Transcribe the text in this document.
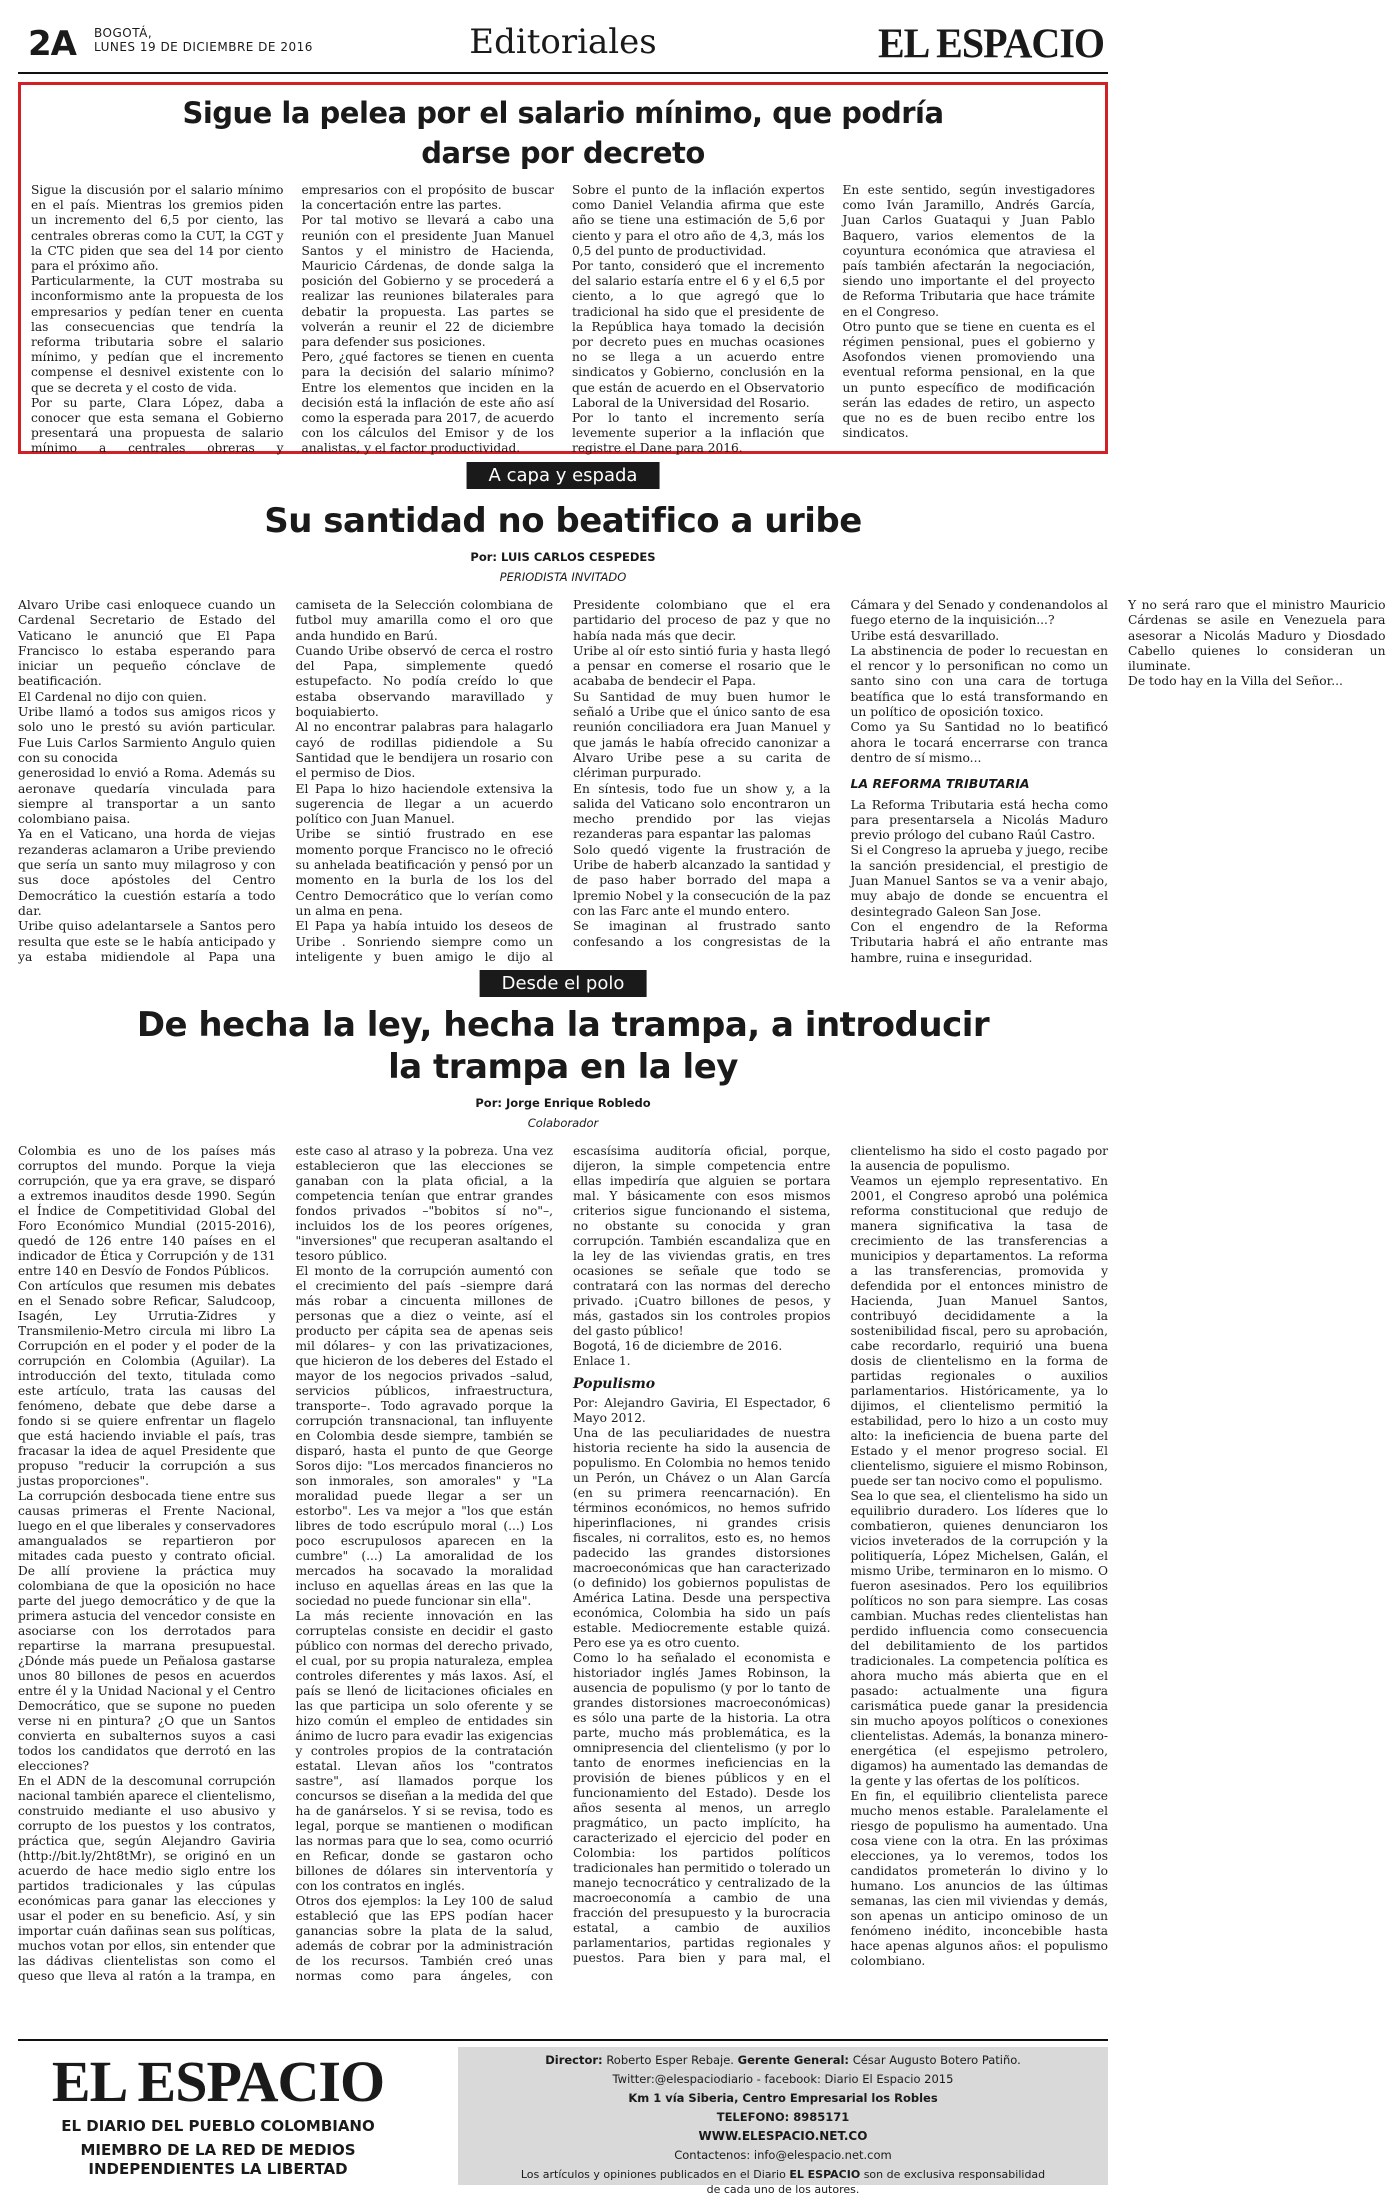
2A BOGOTÁ,
LUNES 19 DE DICIEMBRE DE 2016	Editoriales	EL ESPACIO
Sigue la pelea por el salario mínimo, que podría
darse por decreto

Sigue la discusión por el salario mínimo en el país. Mientras los gremios piden un incremento del 6,5 por ciento, las centrales obreras como la CUT, la CGT y la CTC piden que sea del 14 por ciento para el próximo año.

Particularmente, la CUT mostraba su inconformismo ante la propuesta de los empresarios y pedían tener en cuenta las consecuencias que tendría la reforma tributaria sobre el salario mínimo, y pedían que el incremento compense el desnivel existente con lo que se decreta y el costo de vida.

Por su parte, Clara López, daba a conocer que esta semana el Gobierno presentará una propuesta de salario mínimo a centrales obreras y empresarios con el propósito de buscar la concertación entre las partes.

Por tal motivo se llevará a cabo una reunión con el presidente Juan Manuel Santos y el ministro de Hacienda, Mauricio Cárdenas, de donde salga la posición del Gobierno y se procederá a realizar las reuniones bilaterales para debatir la propuesta. Las partes se volverán a reunir el 22 de diciembre para defender sus posiciones.

Pero, ¿qué factores se tienen en cuenta para la decisión del salario mínimo? Entre los elementos que inciden en la decisión está la inflación de este año así como la esperada para 2017, de acuerdo con los cálculos del Emisor y de los analistas, y el factor productividad.

Sobre el punto de la inflación expertos como Daniel Velandia afirma que este año se tiene una estimación de 5,6 por ciento y para el otro año de 4,3, más los 0,5 del punto de productividad.

Por tanto, consideró que el incremento del salario estaría entre el 6 y el 6,5 por ciento, a lo que agregó que lo tradicional ha sido que el presidente de la República haya tomado la decisión por decreto pues en muchas ocasiones no se llega a un acuerdo entre sindicatos y Gobierno, conclusión en la que están de acuerdo en el Observatorio Laboral de la Universidad del Rosario.

Por lo tanto el incremento sería levemente superior a la inflación que registre el Dane para 2016.

En este sentido, según investigadores como Iván Jaramillo, Andrés García, Juan Carlos Guataqui y Juan Pablo Baquero, varios elementos de la coyuntura económica que atraviesa el país también afectarán la negociación, siendo uno importante el del proyecto de Reforma Tributaria que hace trámite en el Congreso.

Otro punto que se tiene en cuenta es el régimen pensional, pues el gobierno y Asofondos vienen promoviendo una eventual reforma pensional, en la que un punto específico de modificación serán las edades de retiro, un aspecto que no es de buen recibo entre los sindicatos.

A capa y espada
Su santidad no beatifico a uribe
Por: LUIS CARLOS CESPEDES
PERIODISTA INVITADO

Alvaro Uribe casi enloquece cuando un Cardenal Secretario de Estado del Vaticano le anunció que El Papa Francisco lo estaba esperando para iniciar un pequeño cónclave de beatificación.

El Cardenal no dijo con quien.

Uribe llamó a todos sus amigos ricos y solo uno le prestó su avión particular. Fue Luis Carlos Sarmiento Angulo quien con su conocida

generosidad lo envió a Roma. Además su aeronave quedaría vinculada para siempre al transportar a un santo colombiano paisa.

Ya en el Vaticano, una horda de viejas rezanderas aclamaron a Uribe previendo que sería un santo muy milagroso y con sus doce apóstoles del Centro Democrático la cuestión estaría a todo dar.

Uribe quiso adelantarsele a Santos pero resulta que este se le había anticipado y ya estaba midiendole al Papa una camiseta de la Selección colombiana de futbol muy amarilla como el oro que anda hundido en Barú.

Cuando Uribe observó de cerca el rostro del Papa, simplemente quedó estupefacto. No podía creído lo que estaba observando maravillado y boquiabierto.

Al no encontrar palabras para halagarlo cayó de rodillas pidiendole a Su Santidad que le bendijera un rosario con el permiso de Dios.

El Papa lo hizo haciendole extensiva la sugerencia de llegar a un acuerdo político con Juan Manuel.

Uribe se sintió frustrado en ese momento porque Francisco no le ofreció su anhelada beatificación y pensó por un momento en la burla de los los del Centro Democrático que lo verían como un alma en pena.

El Papa ya había intuido los deseos de Uribe . Sonriendo siempre como un inteligente y buen amigo le dijo al Presidente colombiano que el era partidario del proceso de paz y que no había nada más que decir.

Uribe al oír esto sintió furia y hasta llegó a pensar en comerse el rosario que le acababa de bendecir el Papa.

Su Santidad de muy buen humor le señaló a Uribe que el único santo de esa reunión conciliadora era Juan Manuel y que jamás le había ofrecido canonizar a Alvaro Uribe pese a su carita de clériman purpurado.

En síntesis, todo fue un show y, a la salida del Vaticano solo encontraron un mecho prendido por las viejas rezanderas para espantar las palomas

Solo quedó vigente la frustración de Uribe de haberb alcanzado la santidad y de paso haber borrado del mapa a lpremio Nobel y la consecución de la paz con las Farc ante el mundo entero.

Se imaginan al frustrado santo confesando a los congresistas de la Cámara y del Senado y condenandolos al fuego eterno de la inquisición...?

Uribe está desvarillado.

La abstinencia de poder lo recuestan en el rencor y lo personifican no como un santo sino con una cara de tortuga beatífica que lo está transformando en un político de oposición toxico.

Como ya Su Santidad no lo beatificó ahora le tocará encerrarse con tranca dentro de sí mismo...

LA REFORMA TRIBUTARIA

La Reforma Tributaria está hecha como para presentarsela a Nicolás Maduro previo prólogo del cubano Raúl Castro.

Si el Congreso la aprueba y juego, recibe la sanción presidencial, el prestigio de Juan Manuel Santos se va a venir abajo, muy abajo de donde se encuentra el desintegrado Galeon San Jose.

Con el engendro de la Reforma Tributaria habrá el año entrante mas hambre, ruina e inseguridad.

Y no será raro que el ministro Mauricio Cárdenas se asile en Venezuela para asesorar a Nicolás Maduro y Diosdado Cabello quienes lo consideran un iluminate.

De todo hay en la Villa del Señor...

Desde el polo
De hecha la ley, hecha la trampa, a introducir
la trampa en la ley
Por: Jorge Enrique Robledo
Colaborador

Colombia es uno de los países más corruptos del mundo. Porque la vieja corrupción, que ya era grave, se disparó a extremos inauditos desde 1990. Según el Índice de Competitividad Global del Foro Económico Mundial (2015-2016), quedó de 126 entre 140 países en el indicador de Ética y Corrupción y de 131 entre 140 en Desvío de Fondos Públicos.

Con artículos que resumen mis debates en el Senado sobre Reficar, Saludcoop, Isagén, Ley Urrutia-Zidres y Transmilenio-Metro circula mi libro La Corrupción en el poder y el poder de la corrupción en Colombia (Aguilar). La introducción del texto, titulada como este artículo, trata las causas del fenómeno, debate que debe darse a fondo si se quiere enfrentar un flagelo que está haciendo inviable el país, tras fracasar la idea de aquel Presidente que propuso "reducir la corrupción a sus justas proporciones".

La corrupción desbocada tiene entre sus causas primeras el Frente Nacional, luego en el que liberales y conservadores amangualados se repartieron por mitades cada puesto y contrato oficial. De allí proviene la práctica muy colombiana de que la oposición no hace parte del juego democrático y de que la primera astucia del vencedor consiste en asociarse con los derrotados para repartirse la marrana presupuestal. ¿Dónde más puede un Peñalosa gastarse unos 80 billones de pesos en acuerdos entre él y la Unidad Nacional y el Centro Democrático, que se supone no pueden verse ni en pintura? ¿O que un Santos convierta en subalternos suyos a casi todos los candidatos que derrotó en las elecciones?

En el ADN de la descomunal corrupción nacional también aparece el clientelismo, construido mediante el uso abusivo y corrupto de los puestos y los contratos, práctica que, según Alejandro Gaviria (http://bit.ly/2ht8tMr), se originó en un acuerdo de hace medio siglo entre los partidos tradicionales y las cúpulas económicas para ganar las elecciones y usar el poder en su beneficio. Así, y sin importar cuán dañinas sean sus políticas, muchos votan por ellos, sin entender que las dádivas clientelistas son como el queso que lleva al ratón a la trampa, en este caso al atraso y la pobreza. Una vez establecieron que las elecciones se ganaban con la plata oficial, a la competencia tenían que entrar grandes fondos privados –"bobitos sí no"–, incluidos los de los peores orígenes, "inversiones" que recuperan asaltando el tesoro público.

El monto de la corrupción aumentó con el crecimiento del país –siempre dará más robar a cincuenta millones de personas que a diez o veinte, así el producto per cápita sea de apenas seis mil dólares– y con las privatizaciones, que hicieron de los deberes del Estado el mayor de los negocios privados –salud, servicios públicos, infraestructura, transporte–. Todo agravado porque la corrupción transnacional, tan influyente en Colombia desde siempre, también se disparó, hasta el punto de que George Soros dijo: "Los mercados financieros no son inmorales, son amorales" y "La moralidad puede llegar a ser un estorbo". Les va mejor a "los que están libres de todo escrúpulo moral (...) Los poco escrupulosos aparecen en la cumbre" (...) La amoralidad de los mercados ha socavado la moralidad incluso en aquellas áreas en las que la sociedad no puede funcionar sin ella".

La más reciente innovación en las corruptelas consiste en decidir el gasto público con normas del derecho privado, el cual, por su propia naturaleza, emplea controles diferentes y más laxos. Así, el país se llenó de licitaciones oficiales en las que participa un solo oferente y se hizo común el empleo de entidades sin ánimo de lucro para evadir las exigencias y controles propios de la contratación estatal. Llevan años los "contratos sastre", así llamados porque los concursos se diseñan a la medida del que ha de ganárselos. Y si se revisa, todo es legal, porque se mantienen o modifican las normas para que lo sea, como ocurrió en Reficar, donde se gastaron ocho billones de dólares sin interventoría y con los contratos en inglés.

Otros dos ejemplos: la Ley 100 de salud estableció que las EPS podían hacer ganancias sobre la plata de la salud, además de cobrar por la administración de los recursos. También creó unas normas como para ángeles, con escasísima auditoría oficial, porque, dijeron, la simple competencia entre ellas impediría que alguien se portara mal. Y básicamente con esos mismos criterios sigue funcionando el sistema, no obstante su conocida y gran corrupción. También escandaliza que en la ley de las viviendas gratis, en tres ocasiones se señale que todo se contratará con las normas del derecho privado. ¡Cuatro billones de pesos, y más, gastados sin los controles propios del gasto público!

Bogotá, 16 de diciembre de 2016.

Enlace 1.

Populismo

Por: Alejandro Gaviria, El Espectador, 6 Mayo 2012.

Una de las peculiaridades de nuestra historia reciente ha sido la ausencia de populismo. En Colombia no hemos tenido un Perón, un Chávez o un Alan García (en su primera reencarnación). En términos económicos, no hemos sufrido hiperinflaciones, ni grandes crisis fiscales, ni corralitos, esto es, no hemos padecido las grandes distorsiones macroeconómicas que han caracterizado (o definido) los gobiernos populistas de América Latina. Desde una perspectiva económica, Colombia ha sido un país estable. Mediocremente estable quizá. Pero ese ya es otro cuento.

Como lo ha señalado el economista e historiador inglés James Robinson, la ausencia de populismo (y por lo tanto de grandes distorsiones macroeconómicas) es sólo una parte de la historia. La otra parte, mucho más problemática, es la omnipresencia del clientelismo (y por lo tanto de enormes ineficiencias en la provisión de bienes públicos y en el funcionamiento del Estado). Desde los años sesenta al menos, un arreglo pragmático, un pacto implícito, ha caracterizado el ejercicio del poder en Colombia: los partidos políticos tradicionales han permitido o tolerado un manejo tecnocrático y centralizado de la macroeconomía a cambio de una fracción del presupuesto y la burocracia estatal, a cambio de auxilios parlamentarios, partidas regionales y puestos. Para bien y para mal, el clientelismo ha sido el costo pagado por la ausencia de populismo.

Veamos un ejemplo representativo. En 2001, el Congreso aprobó una polémica reforma constitucional que redujo de manera significativa la tasa de crecimiento de las transferencias a municipios y departamentos. La reforma a las transferencias, promovida y defendida por el entonces ministro de Hacienda, Juan Manuel Santos, contribuyó decididamente a la sostenibilidad fiscal, pero su aprobación, cabe recordarlo, requirió una buena dosis de clientelismo en la forma de partidas regionales o auxilios parlamentarios. Históricamente, ya lo dijimos, el clientelismo permitió la estabilidad, pero lo hizo a un costo muy alto: la ineficiencia de buena parte del Estado y el menor progreso social. El clientelismo, siguiere el mismo Robinson, puede ser tan nocivo como el populismo.

Sea lo que sea, el clientelismo ha sido un equilibrio duradero. Los líderes que lo combatieron, quienes denunciaron los vicios inveterados de la corrupción y la politiquería, López Michelsen, Galán, el mismo Uribe, terminaron en lo mismo. O fueron asesinados. Pero los equilibrios políticos no son para siempre. Las cosas cambian. Muchas redes clientelistas han perdido influencia como consecuencia del debilitamiento de los partidos tradicionales. La competencia política es ahora mucho más abierta que en el pasado: actualmente una figura carismática puede ganar la presidencia sin mucho apoyos políticos o conexiones clientelistas. Además, la bonanza minero-energética (el espejismo petrolero, digamos) ha aumentado las demandas de la gente y las ofertas de los políticos.

En fin, el equilibrio clientelista parece mucho menos estable. Paralelamente el riesgo de populismo ha aumentado. Una cosa viene con la otra. En las próximas elecciones, ya lo veremos, todos los candidatos prometerán lo divino y lo humano. Los anuncios de las últimas semanas, las cien mil viviendas y demás, son apenas un anticipo ominoso de un fenómeno inédito, inconcebible hasta hace apenas algunos años: el populismo colombiano.

EL ESPACIO
EL DIARIO DEL PUEBLO COLOMBIANO
MIEMBRO DE LA RED DE MEDIOS
INDEPENDIENTES LA LIBERTAD
Director: Roberto Esper Rebaje. Gerente General: César Augusto Botero Patiño.
Twitter:@elespaciodiario - facebook: Diario El Espacio 2015
Km 1 vía Siberia, Centro Empresarial los Robles
TELEFONO: 8985171
WWW.ELESPACIO.NET.CO
Contactenos: info@elespacio.net.com
Los artículos y opiniones publicados en el Diario EL ESPACIO son de exclusiva responsabilidad
de cada uno de los autores.
